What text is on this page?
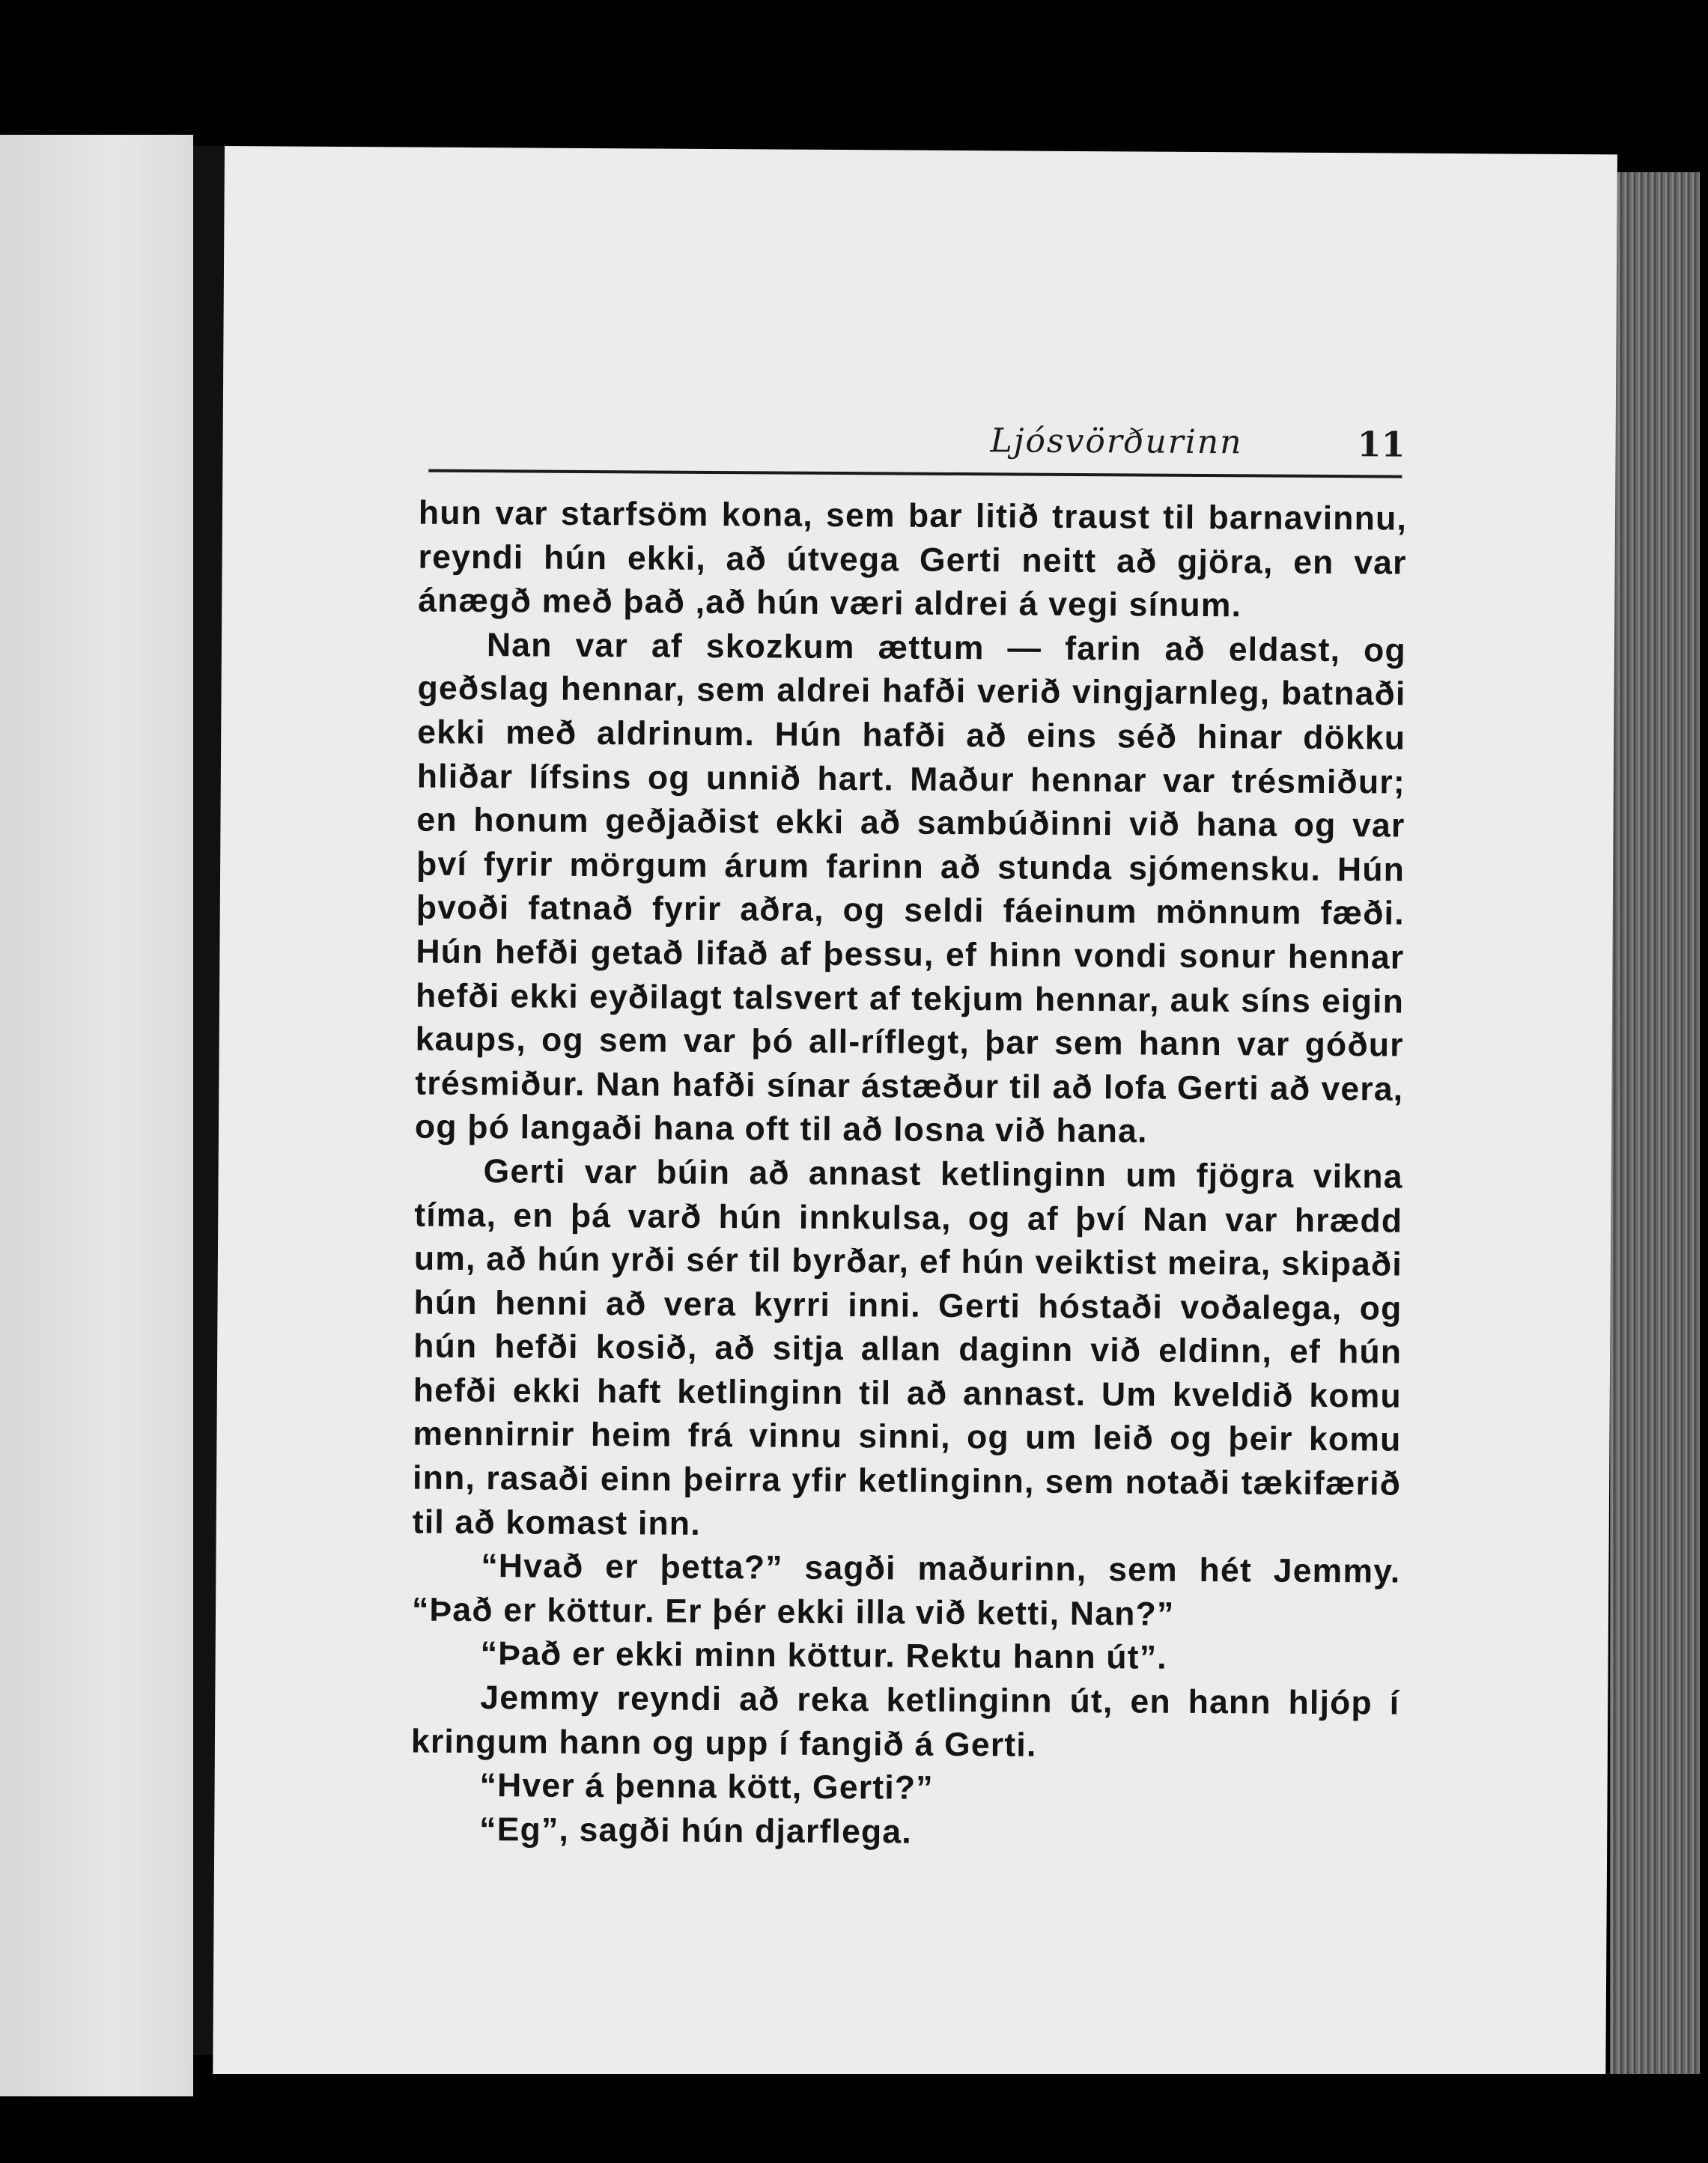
Ljósvörðurinn	11

hun var starfsöm kona, sem bar litið traust til barnavinnu, reyndi hún ekki, að útvega Gerti neitt að gjöra, en var ánægð með það ,að hún væri aldrei á vegi sínum.

Nan var af skozkum ættum — farin að eldast, og geðslag hennar, sem aldrei hafði verið vingjarnleg, batnaði ekki með aldrinum. Hún hafði að eins séð hinar dökku hliðar lífsins og unnið hart. Maður hennar var trésmiður; en honum geðjaðist ekki að sambúðinni við hana og var því fyrir mörgum árum farinn að stunda sjómensku. Hún þvoði fatnað fyrir aðra, og seldi fáeinum mönnum fæði. Hún hefði getað lifað af þessu, ef hinn vondi sonur hennar hefði ekki eyðilagt talsvert af tekjum hennar, auk síns eigin kaups, og sem var þó all-ríflegt, þar sem hann var góður trésmiður. Nan hafði sínar ástæður til að lofa Gerti að vera, og þó langaði hana oft til að losna við hana.

Gerti var búin að annast ketlinginn um fjögra vikna tíma, en þá varð hún innkulsa, og af því Nan var hrædd um, að hún yrði sér til byrðar, ef hún veiktist meira, skipaði hún henni að vera kyrri inni. Gerti hóstaði voðalega, og hún hefði kosið, að sitja allan daginn við eldinn, ef hún hefði ekki haft ketlinginn til að annast. Um kveldið komu mennirnir heim frá vinnu sinni, og um leið og þeir komu inn, rasaði einn þeirra yfir ketlinginn, sem notaði tækifærið til að komast inn.

“Hvað er þetta?” sagði maðurinn, sem hét Jemmy. “Það er köttur. Er þér ekki illa við ketti, Nan?”

“Það er ekki minn köttur. Rektu hann út”.

Jemmy reyndi að reka ketlinginn út, en hann hljóp í kringum hann og upp í fangið á Gerti.

“Hver á þenna kött, Gerti?”

“Eg”, sagði hún djarflega.
